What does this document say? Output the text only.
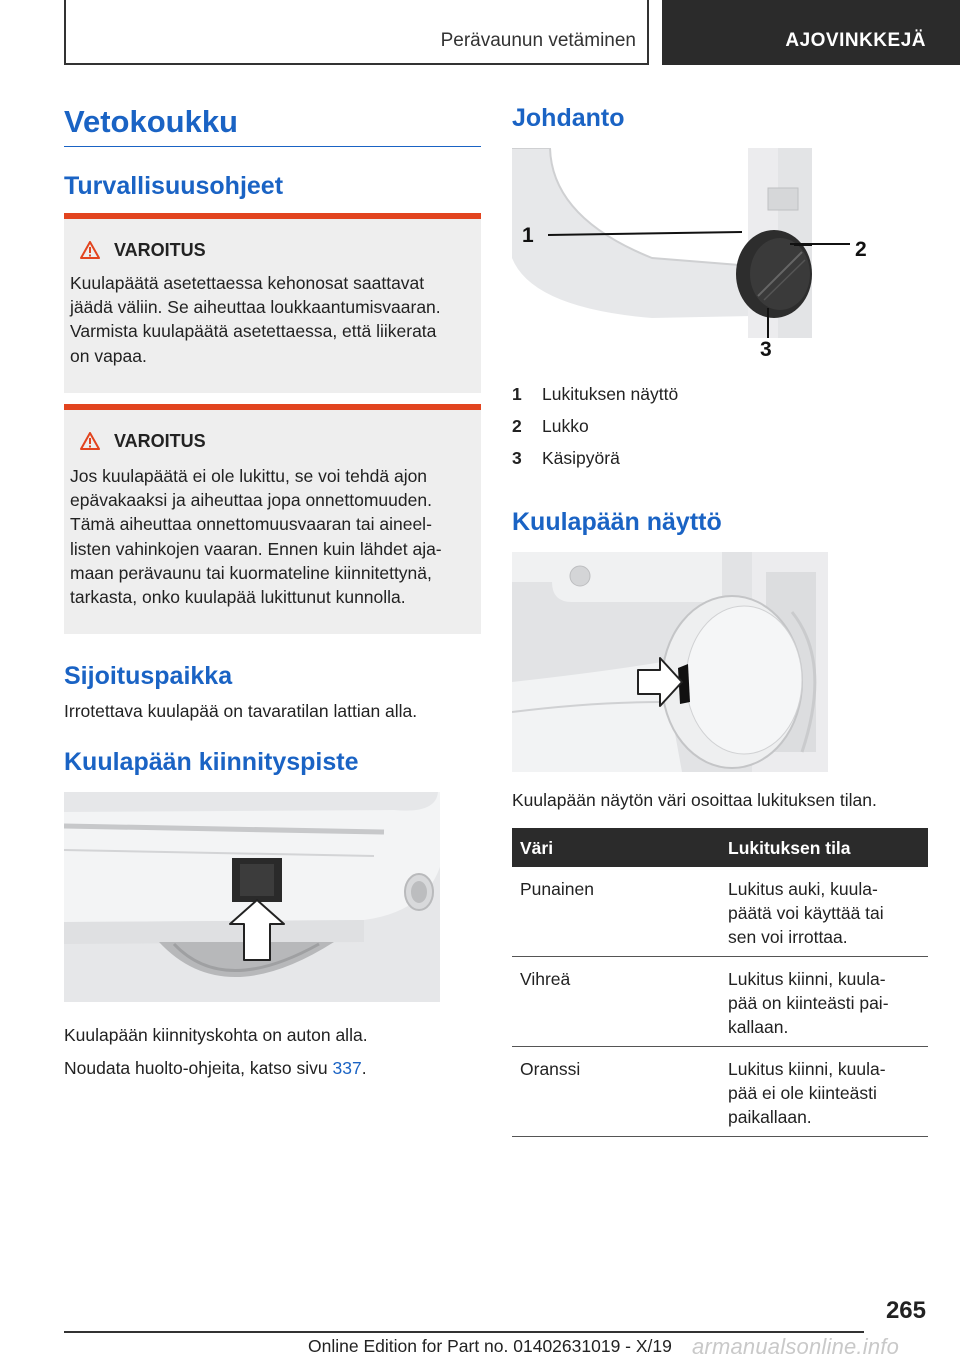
Perävaunun vetäminen	AJOVINKKEJÄ
Vetokoukku
Turvallisuusohjeet
VAROITUS
Kuulapäätä asetettaessa kehonosat saattavat
jäädä väliin. Se aiheuttaa loukkaantumisvaaran.
Varmista kuulapäätä asetettaessa, että liikerata
on vapaa.
VAROITUS
Jos kuulapäätä ei ole lukittu, se voi tehdä ajon
epävakaaksi ja aiheuttaa jopa onnettomuuden.
Tämä aiheuttaa onnettomuusvaaran tai aineel-
listen vahinkojen vaaran. Ennen kuin lähdet aja-
maan perävaunu tai kuormateline kiinnitettynä,
tarkasta, onko kuulapää lukittunut kunnolla.
Sijoituspaikka
Irrotettava kuulapää on tavaratilan lattian alla.
Kuulapään kiinnityspiste
Kuulapään kiinnityskohta on auton alla.
Noudata huolto-ohjeita, katso sivu 337.
Johdanto
1
3
2
1 Lukituksen näyttö
2 Lukko
3 Käsipyörä
Kuulapään näyttö
Kuulapään näytön väri osoittaa lukituksen tilan.
Väri	Lukituksen tila
Punainen	Lukitus auki, kuula-
päätä voi käyttää tai
sen voi irrottaa.
Vihreä	Lukitus kiinni, kuula-
pää on kiinteästi pai-
kallaan.
Oranssi	Lukitus kiinni, kuula-
pää ei ole kiinteästi
paikallaan.
265
Online Edition for Part no. 01402631019 - X/19 armanualsonline.info
